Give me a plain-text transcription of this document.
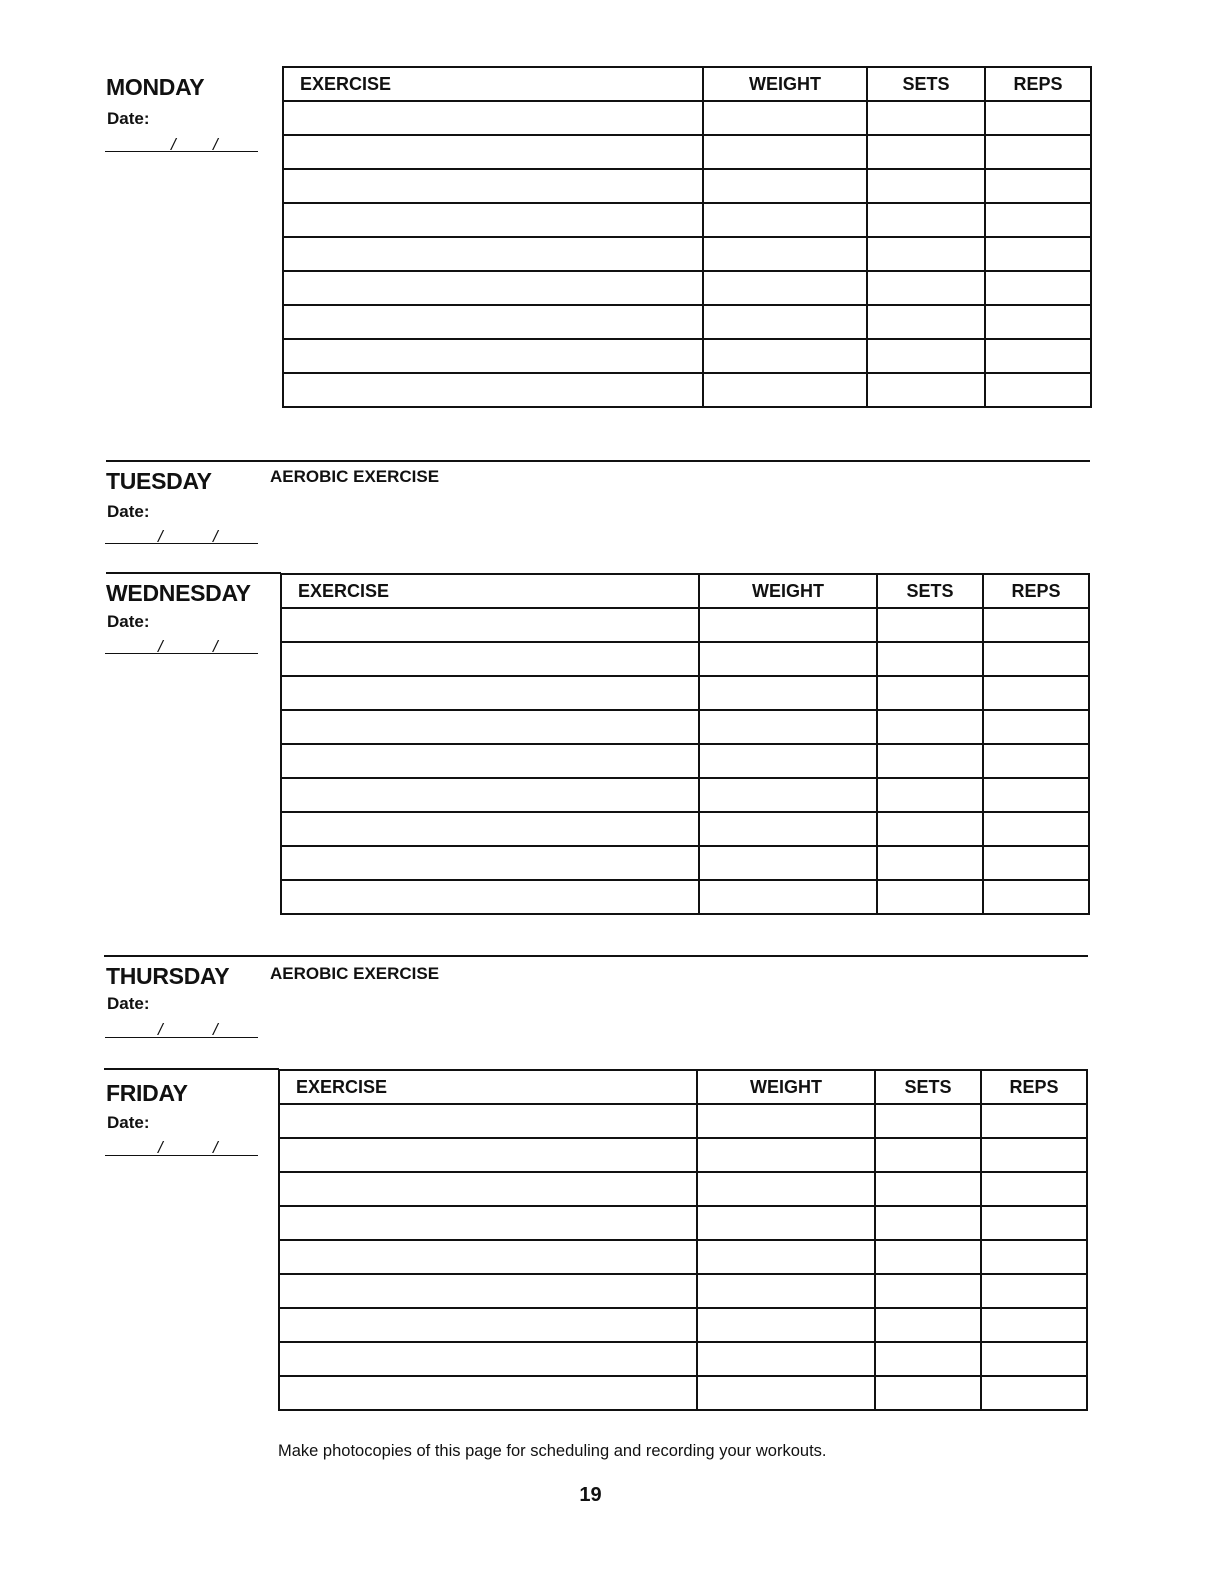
MONDAY
Date:
/ /
EXERCISE	WEIGHT	SETS	REPS

TUESDAY	AEROBIC EXERCISE
Date:
/	/
WEDNESDAY
Date:
/	/
EXERCISE	WEIGHT	SETS	REPS

THURSDAY AEROBIC EXERCISE
Date:
/	/
FRIDAY
Date:
/	/
EXERCISE	WEIGHT	SETS	REPS

Make photocopies of this page for scheduling and recording your workouts.
19
